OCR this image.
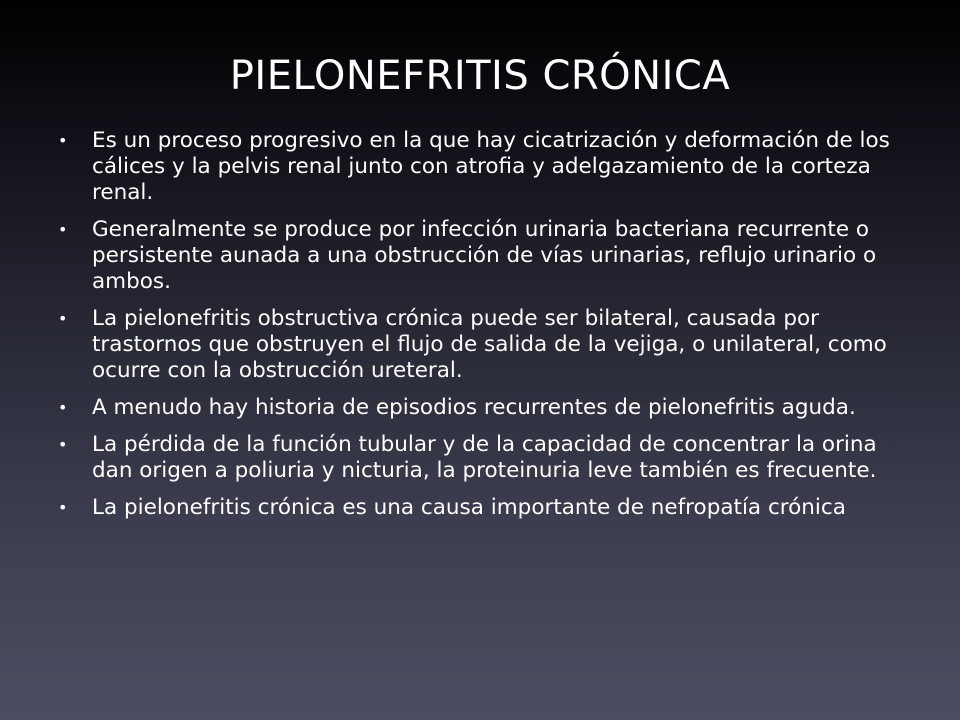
PIELONEFRITIS CRÓNICA
• Es un proceso progresivo en la que hay cicatrización y deformación de los cálices y la pelvis renal junto con atrofia y adelgazamiento de la corteza renal.
• Generalmente se produce por infección urinaria bacteriana recurrente o persistente aunada a una obstrucción de vías urinarias, reflujo urinario o ambos.
• La pielonefritis obstructiva crónica puede ser bilateral, causada por trastornos que obstruyen el flujo de salida de la vejiga, o unilateral, como ocurre con la obstrucción ureteral.
• A menudo hay historia de episodios recurrentes de pielonefritis aguda.
• La pérdida de la función tubular y de la capacidad de concentrar la orina dan origen a poliuria y nicturia, la proteinuria leve también es frecuente.
• La pielonefritis crónica es una causa importante de nefropatía crónica
